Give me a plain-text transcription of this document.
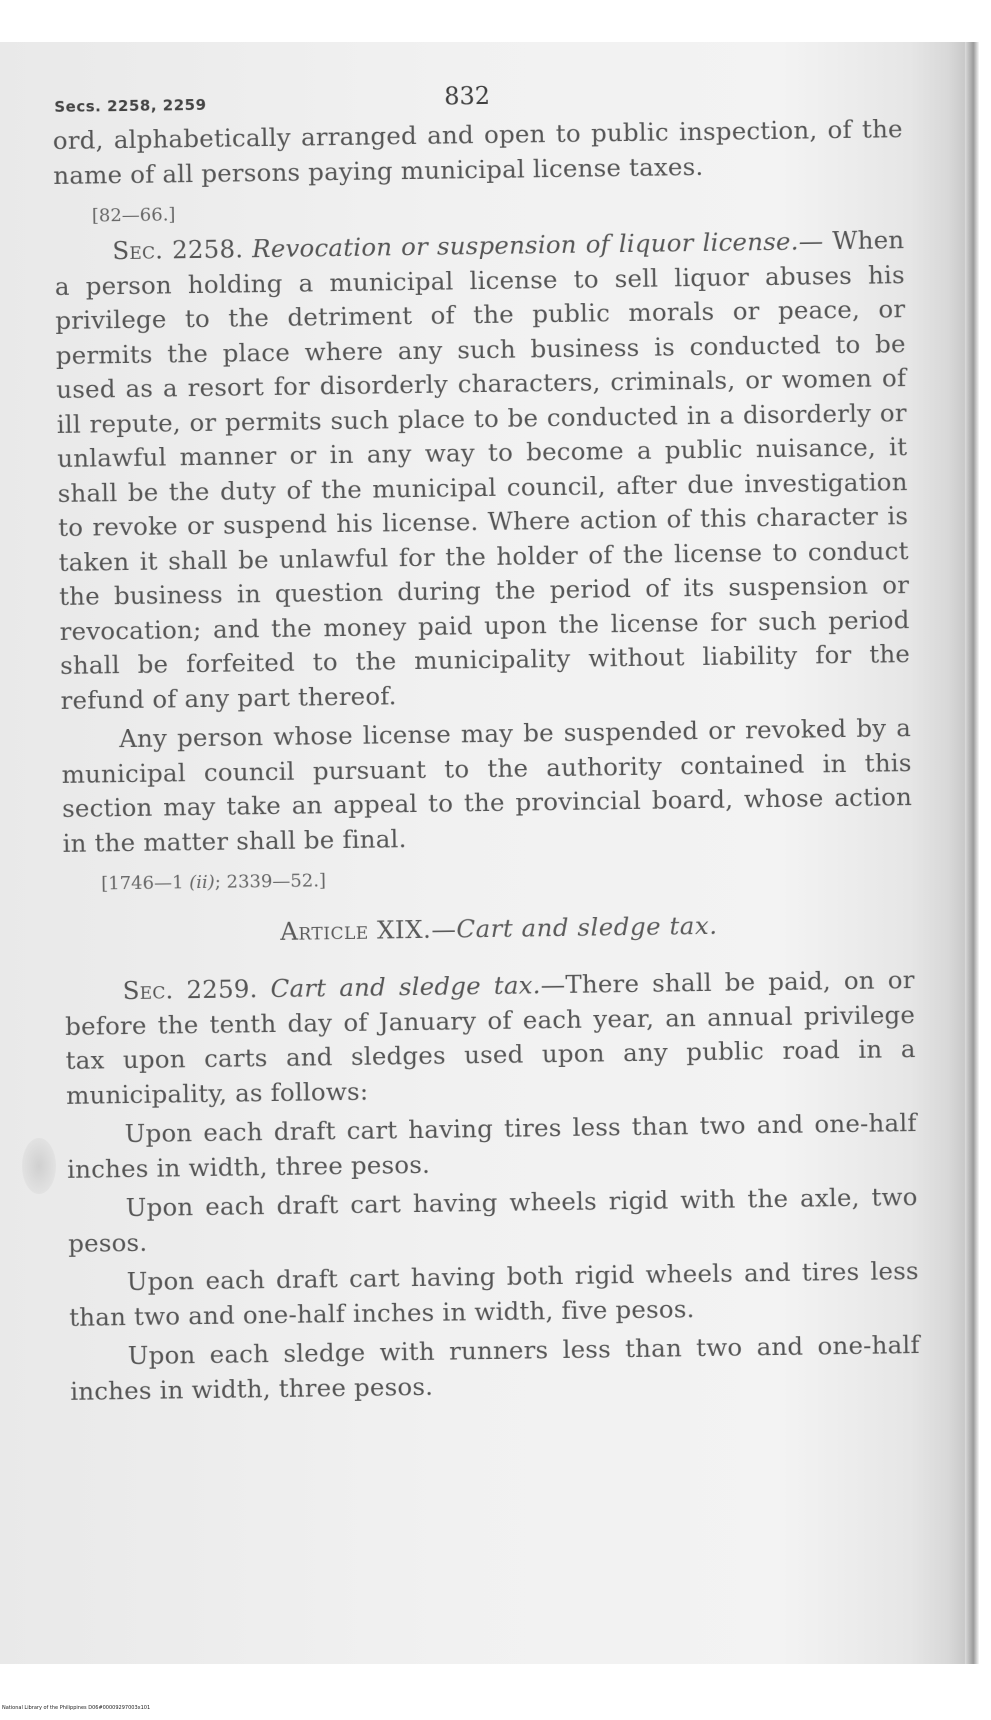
Secs. 2258, 2259	832

ord, alphabetically arranged and open to public inspection, of the name of all persons paying municipal license taxes.

[82—66.]

Sec. 2258. Revocation or suspension of liquor license.— When a person holding a municipal license to sell liquor abuses his privilege to the detriment of the public morals or peace, or permits the place where any such business is conducted to be used as a resort for disorderly characters, criminals, or women of ill repute, or permits such place to be conducted in a disorderly or unlawful manner or in any way to become a public nuisance, it shall be the duty of the municipal council, after due investigation to revoke or suspend his license. Where action of this character is taken it shall be unlawful for the holder of the license to conduct the business in question during the period of its suspension or revocation; and the money paid upon the license for such period shall be forfeited to the municipality without liability for the refund of any part thereof.

Any person whose license may be suspended or revoked by a municipal council pursuant to the authority contained in this section may take an appeal to the provincial board, whose action in the matter shall be final.

[1746—1 (ii); 2339—52.]
Article XIX.—Cart and sledge tax.

Sec. 2259. Cart and sledge tax.—There shall be paid, on or before the tenth day of January of each year, an annual privilege tax upon carts and sledges used upon any public road in a municipality, as follows:

Upon each draft cart having tires less than two and one-half inches in width, three pesos.

Upon each draft cart having wheels rigid with the axle, two pesos.

Upon each draft cart having both rigid wheels and tires less than two and one-half inches in width, five pesos.

Upon each sledge with runners less than two and one-half inches in width, three pesos.

National Library of the Philippines D06#00009297003x101
